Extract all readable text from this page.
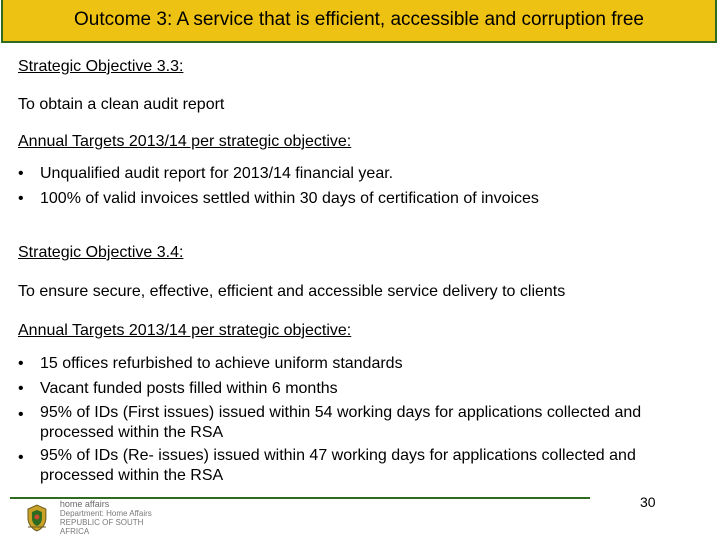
Outcome 3: A service that is efficient, accessible and corruption free
Strategic Objective 3.3:
To obtain a clean audit report
Annual Targets 2013/14 per strategic objective:
• Unqualified audit report for 2013/14 financial year.
• 100% of valid invoices settled within 30 days of certification of invoices
Strategic Objective 3.4:
To ensure secure, effective, efficient and accessible service delivery to clients
Annual Targets 2013/14 per strategic objective:
• 15 offices refurbished to achieve uniform standards
• Vacant funded posts filled within 6 months
• 95% of IDs (First issues) issued within 54 working days for applications collected and processed within the RSA
• 95% of IDs (Re- issues) issued within 47 working days for applications collected and processed within the RSA
home affairs
Department: Home Affairs
REPUBLIC OF SOUTH AFRICA
30
